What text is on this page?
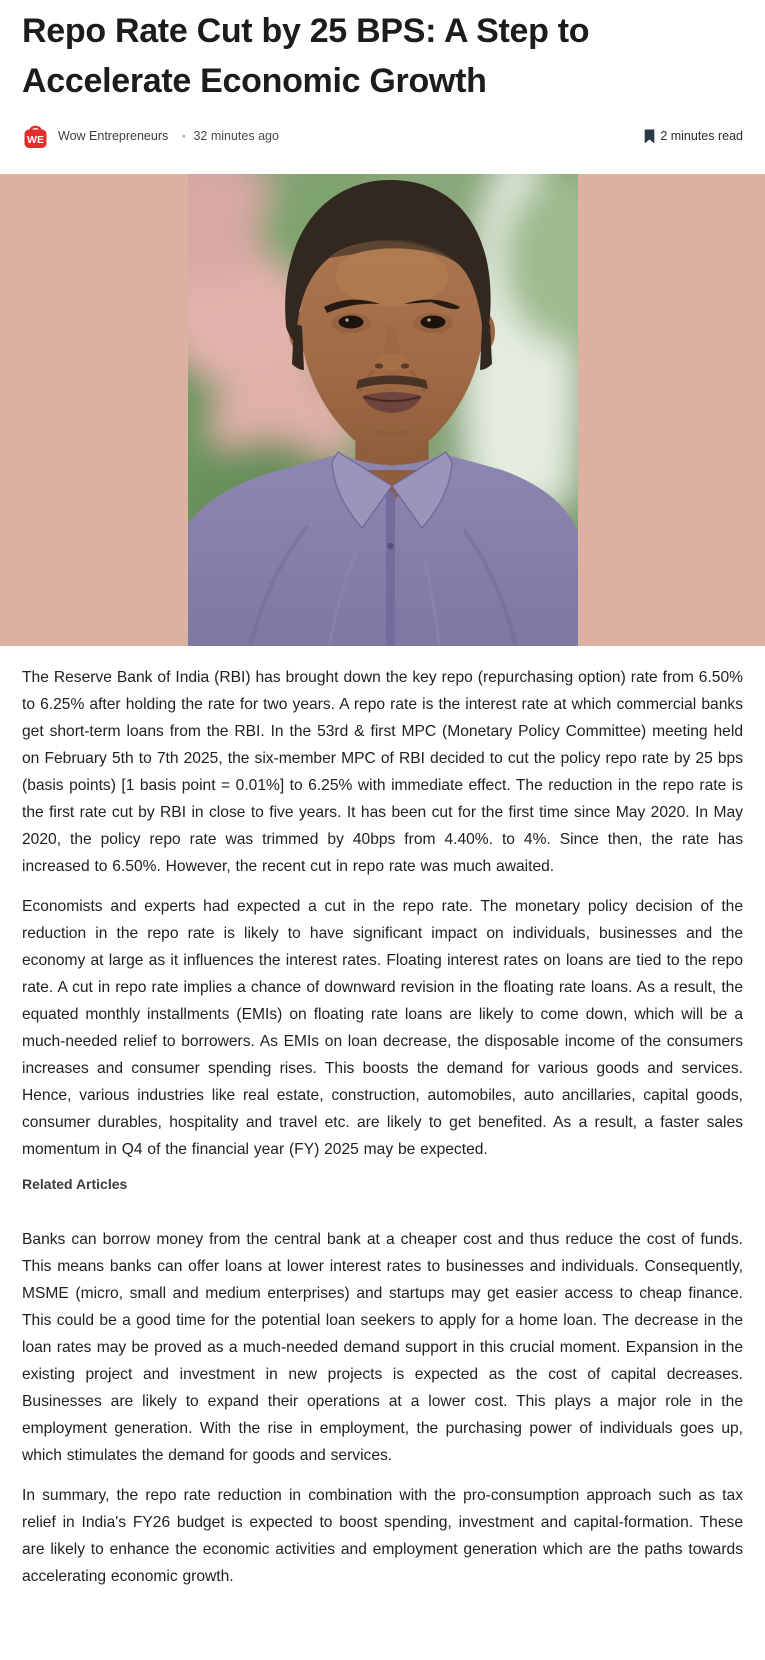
Repo Rate Cut by 25 BPS: A Step to Accelerate Economic Growth
WE Wow Entrepreneurs ▪ 32 minutes ago	2 minutes read

The Reserve Bank of India (RBI) has brought down the key repo (repurchasing option) rate from 6.50% to 6.25% after holding the rate for two years. A repo rate is the interest rate at which commercial banks get short-term loans from the RBI. In the 53rd & first MPC (Monetary Policy Committee) meeting held on February 5th to 7th 2025, the six-member MPC of RBI decided to cut the policy repo rate by 25 bps (basis points) [1 basis point = 0.01%] to 6.25% with immediate effect. The reduction in the repo rate is the first rate cut by RBI in close to five years. It has been cut for the first time since May 2020. In May 2020, the policy repo rate was trimmed by 40bps from 4.40%. to 4%. Since then, the rate has increased to 6.50%. However, the recent cut in repo rate was much awaited.

Economists and experts had expected a cut in the repo rate. The monetary policy decision of the reduction in the repo rate is likely to have significant impact on individuals, businesses and the economy at large as it influences the interest rates. Floating interest rates on loans are tied to the repo rate. A cut in repo rate implies a chance of downward revision in the floating rate loans. As a result, the equated monthly installments (EMIs) on floating rate loans are likely to come down, which will be a much-needed relief to borrowers. As EMIs on loan decrease, the disposable income of the consumers increases and consumer spending rises. This boosts the demand for various goods and services. Hence, various industries like real estate, construction, automobiles, auto ancillaries, capital goods, consumer durables, hospitality and travel etc. are likely to get benefited. As a result, a faster sales momentum in Q4 of the financial year (FY) 2025 may be expected.

Related Articles

Banks can borrow money from the central bank at a cheaper cost and thus reduce the cost of funds. This means banks can offer loans at lower interest rates to businesses and individuals. Consequently, MSME (micro, small and medium enterprises) and startups may get easier access to cheap finance. This could be a good time for the potential loan seekers to apply for a home loan. The decrease in the loan rates may be proved as a much-needed demand support in this crucial moment. Expansion in the existing project and investment in new projects is expected as the cost of capital decreases. Businesses are likely to expand their operations at a lower cost. This plays a major role in the employment generation. With the rise in employment, the purchasing power of individuals goes up, which stimulates the demand for goods and services.

In summary, the repo rate reduction in combination with the pro-consumption approach such as tax relief in India's FY26 budget is expected to boost spending, investment and capital-formation. These are likely to enhance the economic activities and employment generation which are the paths towards accelerating economic growth.
